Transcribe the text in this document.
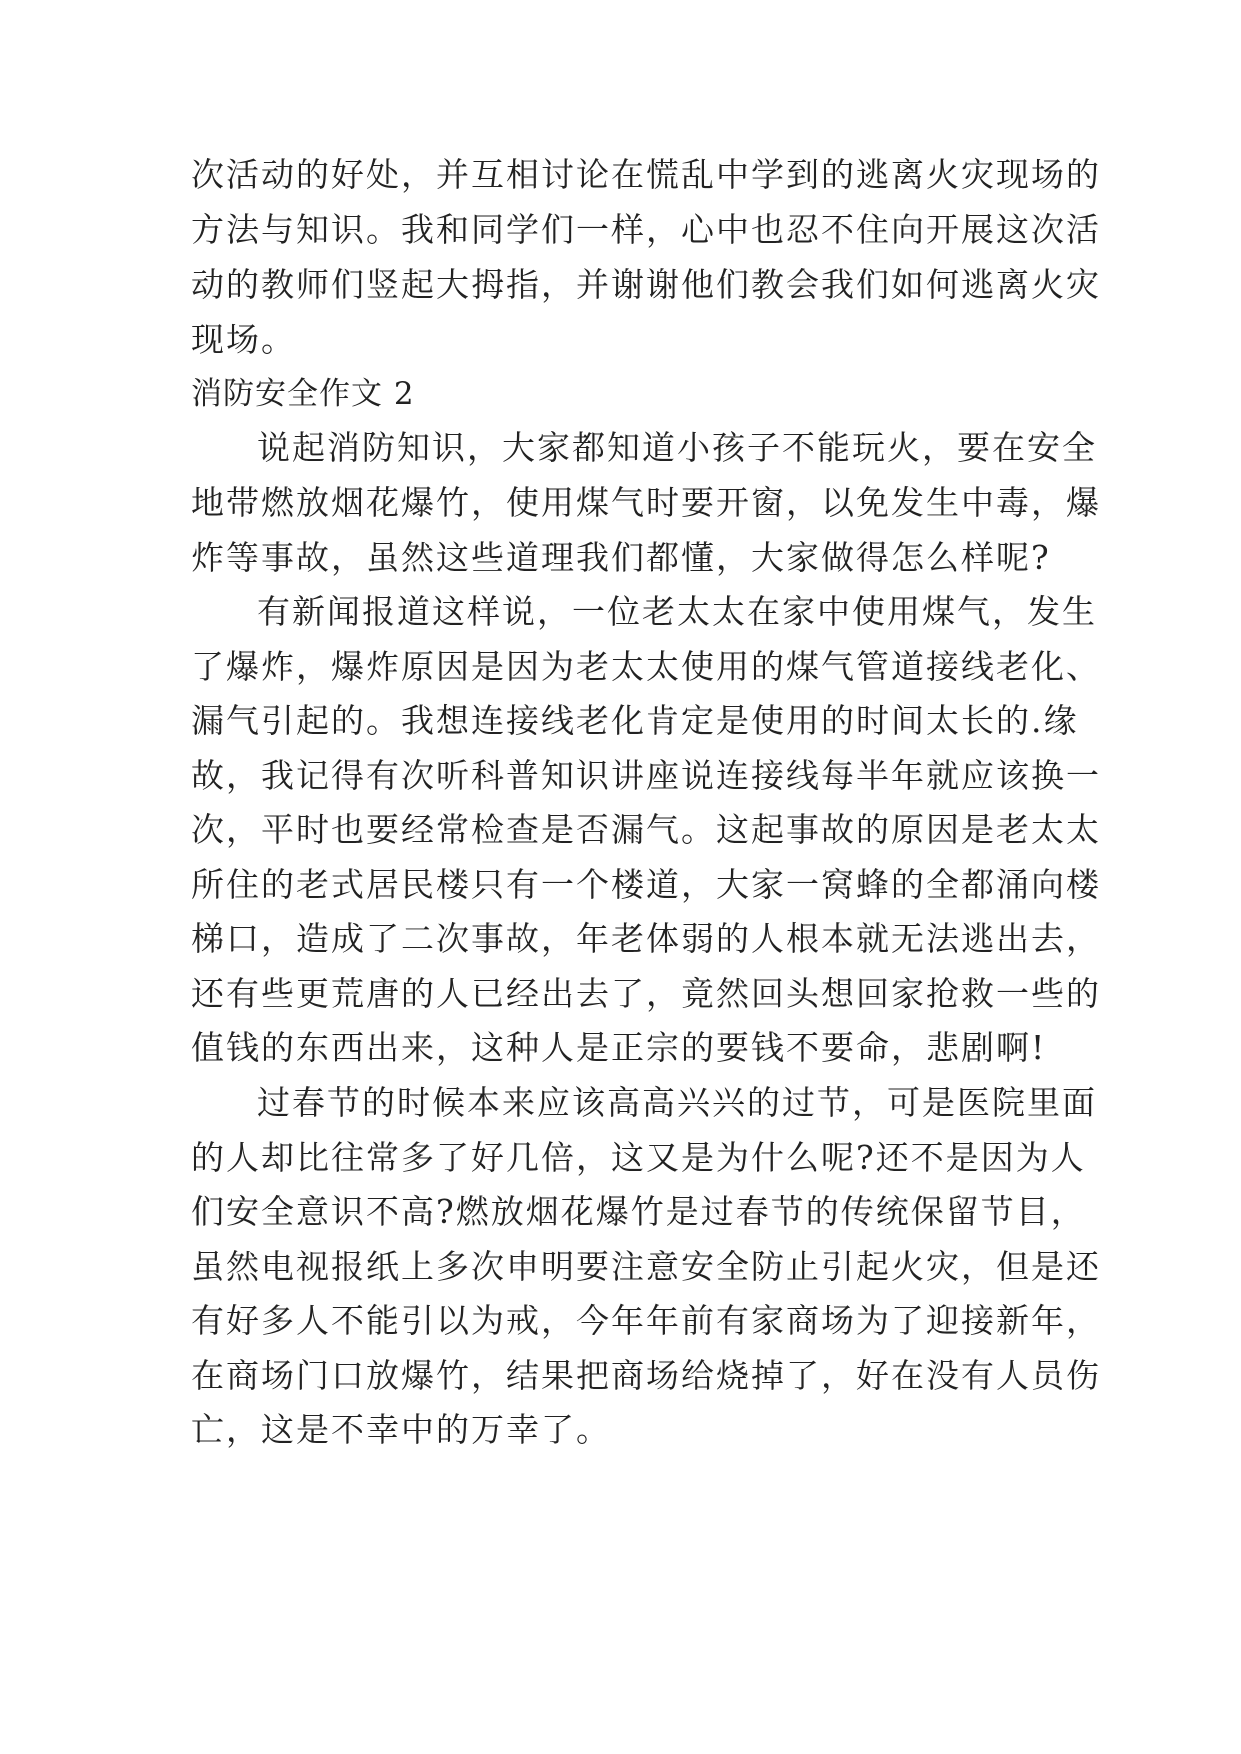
次活动的好处，并互相讨论在慌乱中学到的逃离火灾现场的
方法与知识。我和同学们一样，心中也忍不住向开展这次活
动的教师们竖起大拇指，并谢谢他们教会我们如何逃离火灾
现场。
消防安全作文 2
说起消防知识，大家都知道小孩子不能玩火，要在安全
地带燃放烟花爆竹，使用煤气时要开窗，以免发生中毒，爆
炸等事故，虽然这些道理我们都懂，大家做得怎么样呢?
有新闻报道这样说，一位老太太在家中使用煤气，发生
了爆炸，爆炸原因是因为老太太使用的煤气管道接线老化、
漏气引起的。我想连接线老化肯定是使用的时间太长的.缘
故，我记得有次听科普知识讲座说连接线每半年就应该换一
次，平时也要经常检查是否漏气。这起事故的原因是老太太
所住的老式居民楼只有一个楼道，大家一窝蜂的全都涌向楼
梯口，造成了二次事故，年老体弱的人根本就无法逃出去，
还有些更荒唐的人已经出去了，竟然回头想回家抢救一些的
值钱的东西出来，这种人是正宗的要钱不要命，悲剧啊!
过春节的时候本来应该高高兴兴的过节，可是医院里面
的人却比往常多了好几倍，这又是为什么呢?还不是因为人
们安全意识不高?燃放烟花爆竹是过春节的传统保留节目，
虽然电视报纸上多次申明要注意安全防止引起火灾，但是还
有好多人不能引以为戒，今年年前有家商场为了迎接新年，
在商场门口放爆竹，结果把商场给烧掉了，好在没有人员伤
亡，这是不幸中的万幸了。
